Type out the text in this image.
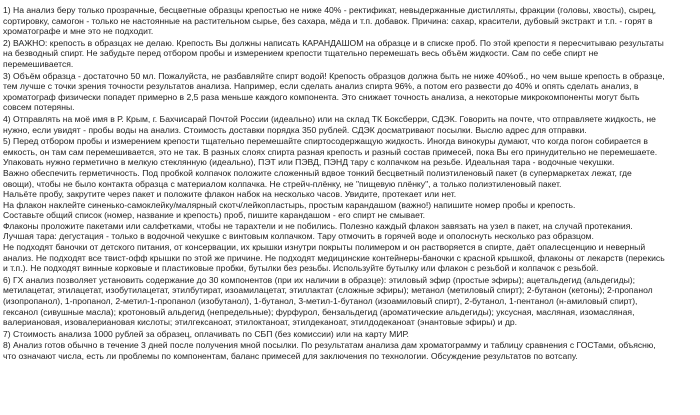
1) На анализ беру только прозрачные, бесцветные образцы крепостью не ниже 40% - ректификат, невыдержанные дистилляты, фракции (головы, хвосты), сырец,
сортировку, самогон - только не настоянные на растительном сырье, без сахара, мёда и т.п. добавок. Причина: сахар, красители, дубовый экстракт и т.п. - горят в
хроматографе и мне это не подходит.
2) ВАЖНО: крепость в образцах не делаю. Крепость Вы должны написать КАРАНДАШОМ на образце и в списке проб. По этой крепости я пересчитываю результаты
на безводный спирт. Не забудьте перед отбором пробы и измерением крепости тщательно перемешать весь объём жидкости. Сам по себе спирт не
перемешивается.
3) Объём образца - достаточно 50 мл. Пожалуйста, не разбавляйте спирт водой! Крепость образцов должна быть не ниже 40%об., но чем выше крепость в образце,
тем лучше с точки зрения точности результатов анализа. Например, если сделать анализ спирта 96%, а потом его развести до 40% и опять сделать анализ, в
хроматограф физически попадет примерно в 2,5 раза меньше каждого компонента. Это снижает точность анализа, а некоторые микрокомпоненты могут быть
совсем потеряны.
4) Отправлять на моё имя в Р. Крым, г. Бахчисарай Почтой России (идеально) или на склад ТК Боксберри, СДЭК. Говорить на почте, что отправляете жидкость, не
нужно, если увидят - пробы воды на анализ. Стоимость доставки порядка 350 рублей. СДЭК досматривают посылки. Выслю адрес для отправки.
5) Перед отбором пробы и измерением крепости тщательно перемешайте спиртосодержащую жидкость. Иногда винокуры думают, что когда погон собирается в
емкость, он там сам перемешивается, это не так. В разных слоях спирта разная крепость и разный состав примесей, пока Вы его принудительно не перемешаете.
Упаковать нужно герметично в мелкую стеклянную (идеально), ПЭТ или ПЭВД, ПЭНД тару с колпачком на резьбе. Идеальная тара - водочные чекушки.
Важно обеспечить герметичность. Под пробкой колпачок положите сложенный вдвое тонкий бесцветный полиэтиленовый пакет (в супермаркетах лежат, где
овощи), чтобы не было контакта образца с материалом колпачка. Не стрейч-плёнку, не "пищевую плёнку", а только полиэтиленовый пакет.
Нальёте пробу, закрутите через пакет и положите флакон набок на несколько часов. Увидите, протекает или нет.
На флакон наклейте синенько-самоклейку/малярный скотч/лейкопластырь, простым карандашом (важно!) напишите номер пробы и крепость.
Составьте общий список (номер, название и крепость) проб, пишите карандашом - его спирт не смывает.
Флаконы проложите пакетами или салфетками, чтобы не тарахтели и не побились. Полезно каждый флакон завязать на узел в пакет, на случай протекания.
Лучшая тара: дегустация - только в водочной чекушке с винтовым колпачком. Тару отмочить в горячей воде и ополоснуть несколько раз образцом.
Не подходят баночки от детского питания, от консервации, их крышки изнутри покрыты полимером и он растворяется в спирте, даёт опалесценцию и неверный
анализ. Не подходят все твист-офф крышки по этой же причине. Не подходят медицинские контейнеры-баночки с красной крышкой, флаконы от лекарств (перекись
и т.п.). Не подходят винные корковые и пластиковые пробки, бутылки без резьбы. Используйте бутылку или флакон с резьбой и колпачок с резьбой.
6) ГХ анализ позволяет установить содержание до 30 компонентов (при их наличии в образце): этиловый эфир (простые эфиры); ацетальдегид (альдегиды);
метилацетат, этилацетат, изобутилацетат, этилбутират, изоамилацетат, этиллактат (сложные эфиры); метанол (метиловый спирт); 2-бутанон (кетоны); 2-пропанол
(изопропанол), 1-пропанол, 2-метил-1-пропанол (изобутанол), 1-бутанол, 3-метил-1-бутанол (изоамиловый спирт), 2-бутанол, 1-пентанол (н-амиловый спирт),
гексанол (сивушные масла); кротоновый альдегид (непредельные); фурфурол, бензальдегид (ароматические альдегиды); уксусная, масляная, изомасляная,
валериановая, изовалериановая кислоты; этилгексаноат, этилоктаноат, этилдеканоат, этилдодеканоат (энантовые эфиры) и др.
7) Стоимость анализа 1000 рублей за образец, оплачивать по СБП (без комиссии) или на карту МИР.
8) Анализ готов обычно в течение 3 дней после получения мной посылки. По результатам анализа дам хроматограмму и таблицу сравнения с ГОСТами, объясню,
что означают числа, есть ли проблемы по компонентам, баланс примесей для заключения по технологии. Обсуждение результатов по вотсапу.
